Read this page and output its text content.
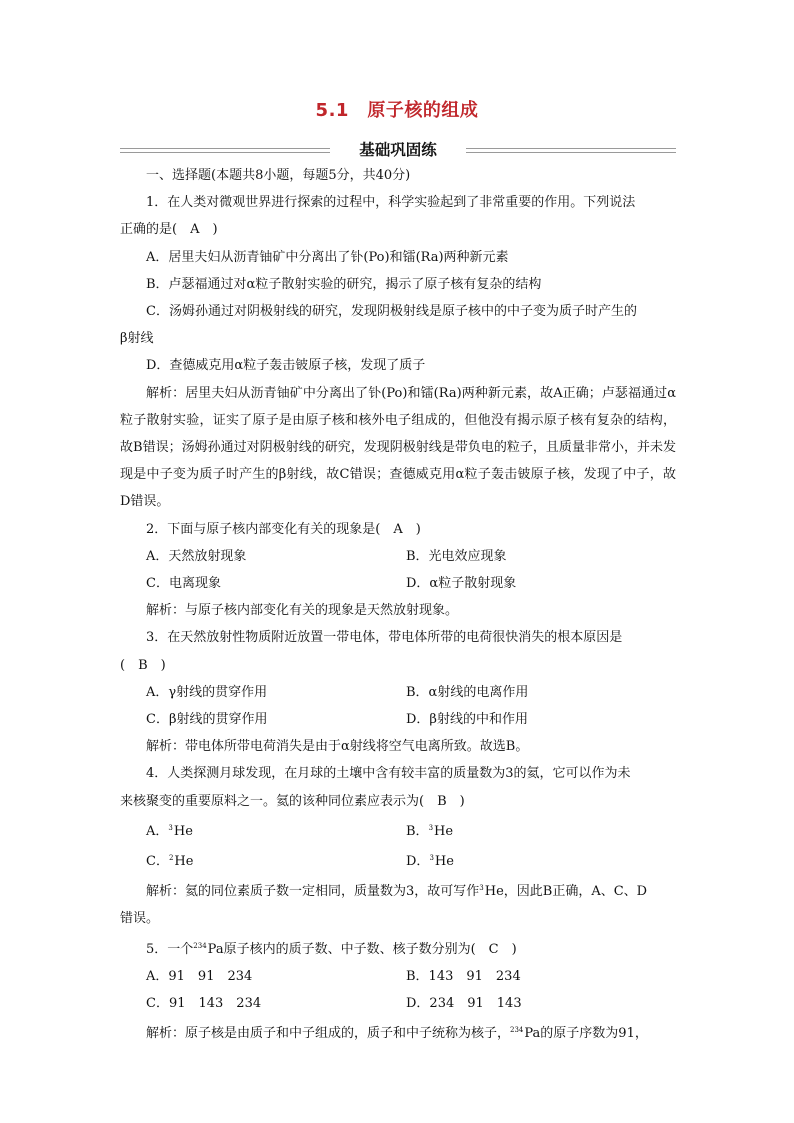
5.1　原子核的组成
基础巩固练

一、选择题(本题共8小题，每题5分，共40分)

1．在人类对微观世界进行探索的过程中，科学实验起到了非常重要的作用。下列说法

正确的是(　A　)

A．居里夫妇从沥青铀矿中分离出了钋(Po)和镭(Ra)两种新元素

B．卢瑟福通过对α粒子散射实验的研究，揭示了原子核有复杂的结构

C．汤姆孙通过对阴极射线的研究，发现阴极射线是原子核中的中子变为质子时产生的

β射线

D．查德威克用α粒子轰击铍原子核，发现了质子

解析：居里夫妇从沥青铀矿中分离出了钋(Po)和镭(Ra)两种新元素，故A正确；卢瑟福通过α粒子散射实验，证实了原子是由原子核和核外电子组成的，但他没有揭示原子核有复杂的结构，故B错误；汤姆孙通过对阴极射线的研究，发现阴极射线是带负电的粒子，且质量非常小，并未发现是中子变为质子时产生的β射线，故C错误；查德威克用α粒子轰击铍原子核，发现了中子，故D错误。

2．下面与原子核内部变化有关的现象是(　A　)

A．天然放射现象	B．光电效应现象
C．电离现象	D．α粒子散射现象

解析：与原子核内部变化有关的现象是天然放射现象。

3．在天然放射性物质附近放置一带电体，带电体所带的电荷很快消失的根本原因是

(　B　)

A．γ射线的贯穿作用	B．α射线的电离作用
C．β射线的贯穿作用	D．β射线的中和作用

解析：带电体所带电荷消失是由于α射线将空气电离所致。故选B。

4．人类探测月球发现，在月球的土壤中含有较丰富的质量数为3的氦，它可以作为未

来核聚变的重要原料之一。氦的该种同位素应表示为(　B　)

A．$^3$He	B．$^3$He
C．$^2$He	D．$^3$He

解析：氦的同位素质子数一定相同，质量数为3，故可写作$^3$He，因此B正确，A、C、D

错误。

5．一个$^{234}$Pa原子核内的质子数、中子数、核子数分别为(　C　)

A．91　91　234	B．143　91　234
C．91　143　234	D．234　91　143

解析：原子核是由质子和中子组成的，质子和中子统称为核子，$^{234}$Pa的原子序数为91，
